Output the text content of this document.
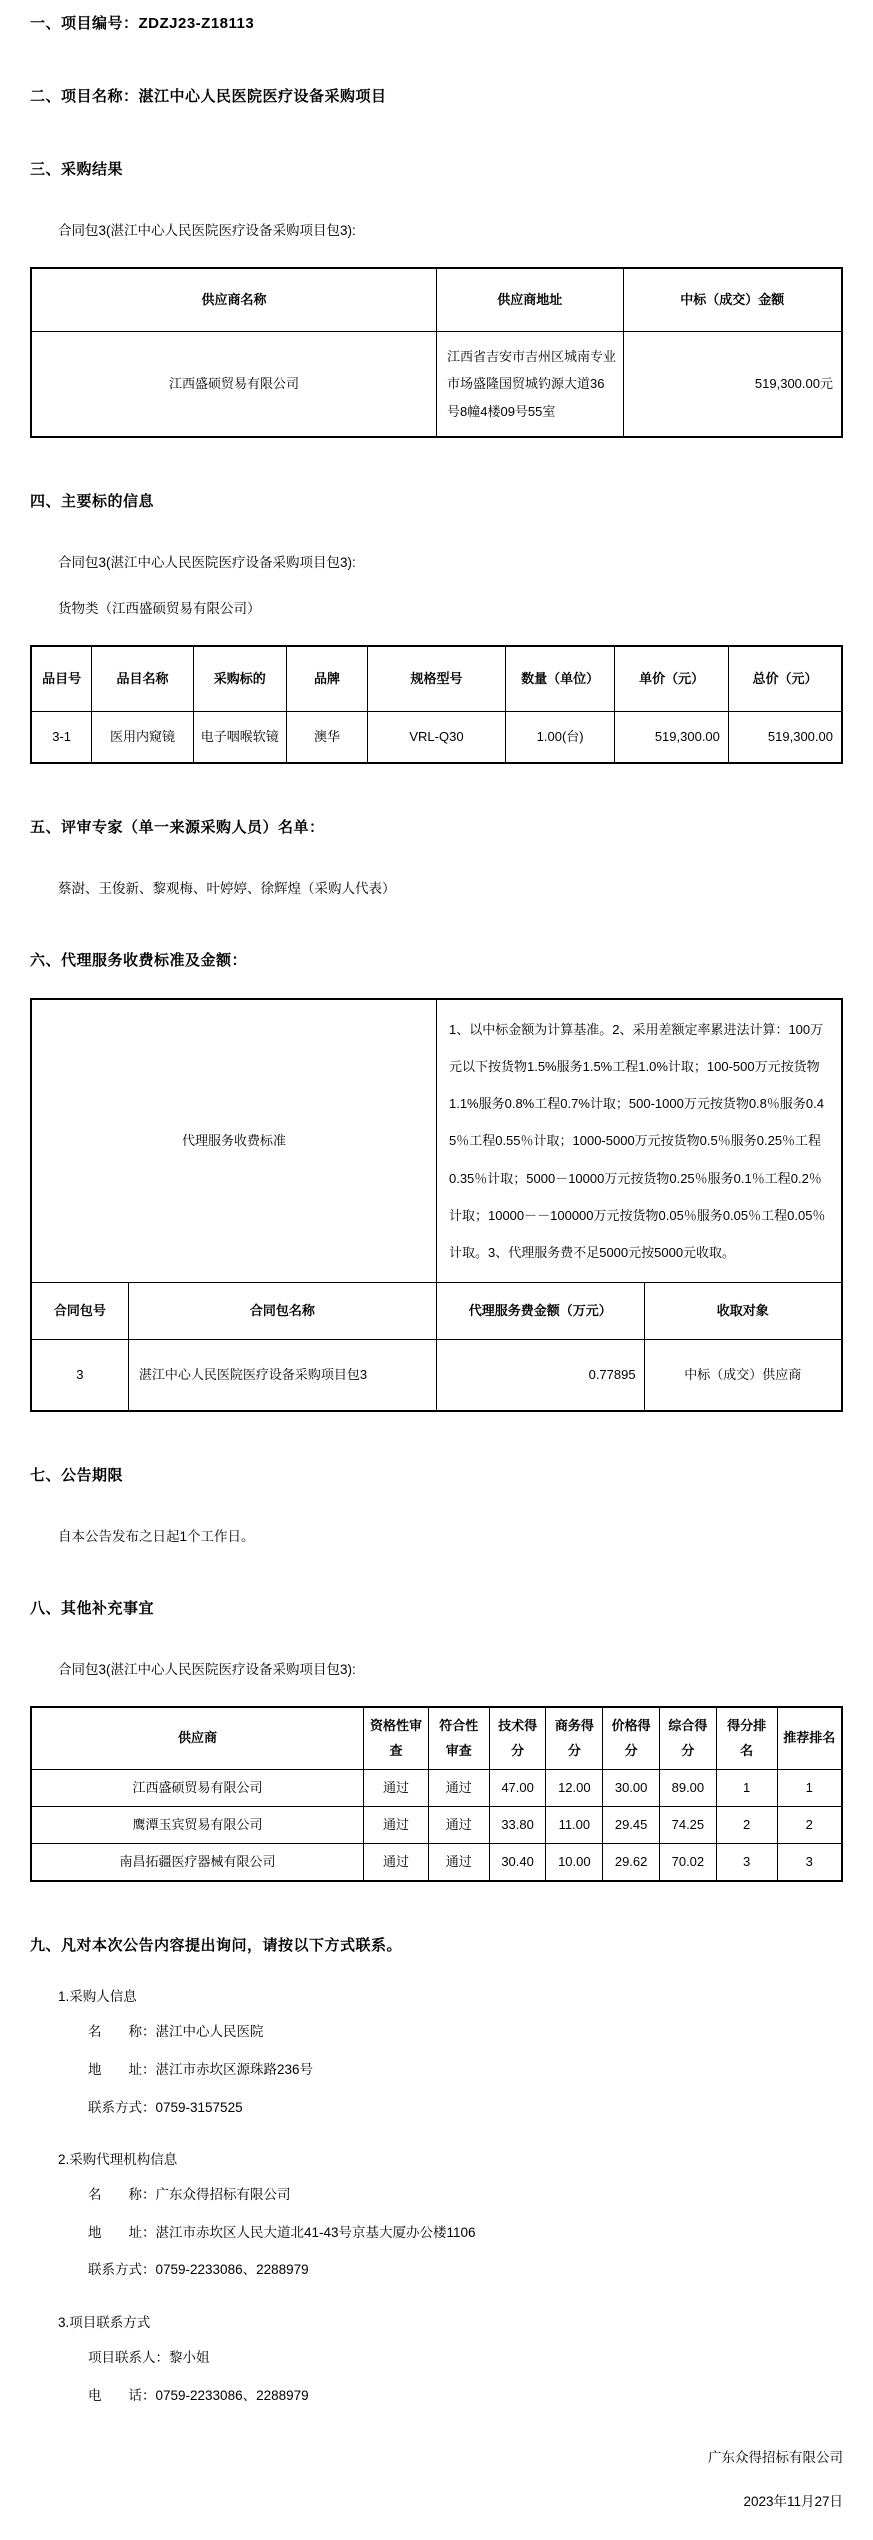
一、项目编号：ZDZJ23-Z18113
二、项目名称：湛江中心人民医院医疗设备采购项目
三、采购结果
合同包3(湛江中心人民医院医疗设备采购项目包3):
供应商名称	供应商地址	中标（成交）金额
江西盛硕贸易有限公司	江西省吉安市吉州区城南专业市场盛隆国贸城钓源大道36号8幢4楼09号55室	519,300.00元
四、主要标的信息
合同包3(湛江中心人民医院医疗设备采购项目包3):
货物类（江西盛硕贸易有限公司）
品目号	品目名称	采购标的	品牌	规格型号	数量（单位）	单价（元）	总价（元）
3-1	医用内窥镜	电子咽喉软镜	澳华	VRL-Q30	1.00(台)	519,300.00	519,300.00
五、评审专家（单一来源采购人员）名单：
蔡澍、王俊新、黎观梅、叶婷婷、徐辉煌（采购人代表）
六、代理服务收费标准及金额：
代理服务收费标准		1、以中标金额为计算基准。2、采用差额定率累进法计算：100万元以下按货物1.5%服务1.5%工程1.0%计取；100-500万元按货物1.1%服务0.8%工程0.7%计取；500-1000万元按货物0.8％服务0.45％工程0.55％计取；1000-5000万元按货物0.5％服务0.25％工程0.35％计取；5000－10000万元按货物0.25％服务0.1％工程0.2％计取；10000－－100000万元按货物0.05％服务0.05％工程0.05％计取。3、代理服务费不足5000元按5000元收取。	
合同包号	合同包名称	代理服务费金额（万元）	收取对象
3	湛江中心人民医院医疗设备采购项目包3	0.77895	中标（成交）供应商
七、公告期限
自本公告发布之日起1个工作日。
八、其他补充事宜
合同包3(湛江中心人民医院医疗设备采购项目包3):
供应商	资格性审查	符合性审查	技术得分	商务得分	价格得分	综合得分	得分排名	推荐排名
江西盛硕贸易有限公司	通过	通过	47.00	12.00	30.00	89.00	1	1
鹰潭玉宾贸易有限公司	通过	通过	33.80	11.00	29.45	74.25	2	2
南昌拓疆医疗器械有限公司	通过	通过	30.40	10.00	29.62	70.02	3	3
九、凡对本次公告内容提出询问，请按以下方式联系。
1.采购人信息
名　　称：湛江中心人民医院
地　　址：湛江市赤坎区源珠路236号
联系方式：0759-3157525
2.采购代理机构信息
名　　称：广东众得招标有限公司
地　　址：湛江市赤坎区人民大道北41-43号京基大厦办公楼1106
联系方式：0759-2233086、2288979
3.项目联系方式
项目联系人：黎小姐
电　　话：0759-2233086、2288979
广东众得招标有限公司
2023年11月27日
